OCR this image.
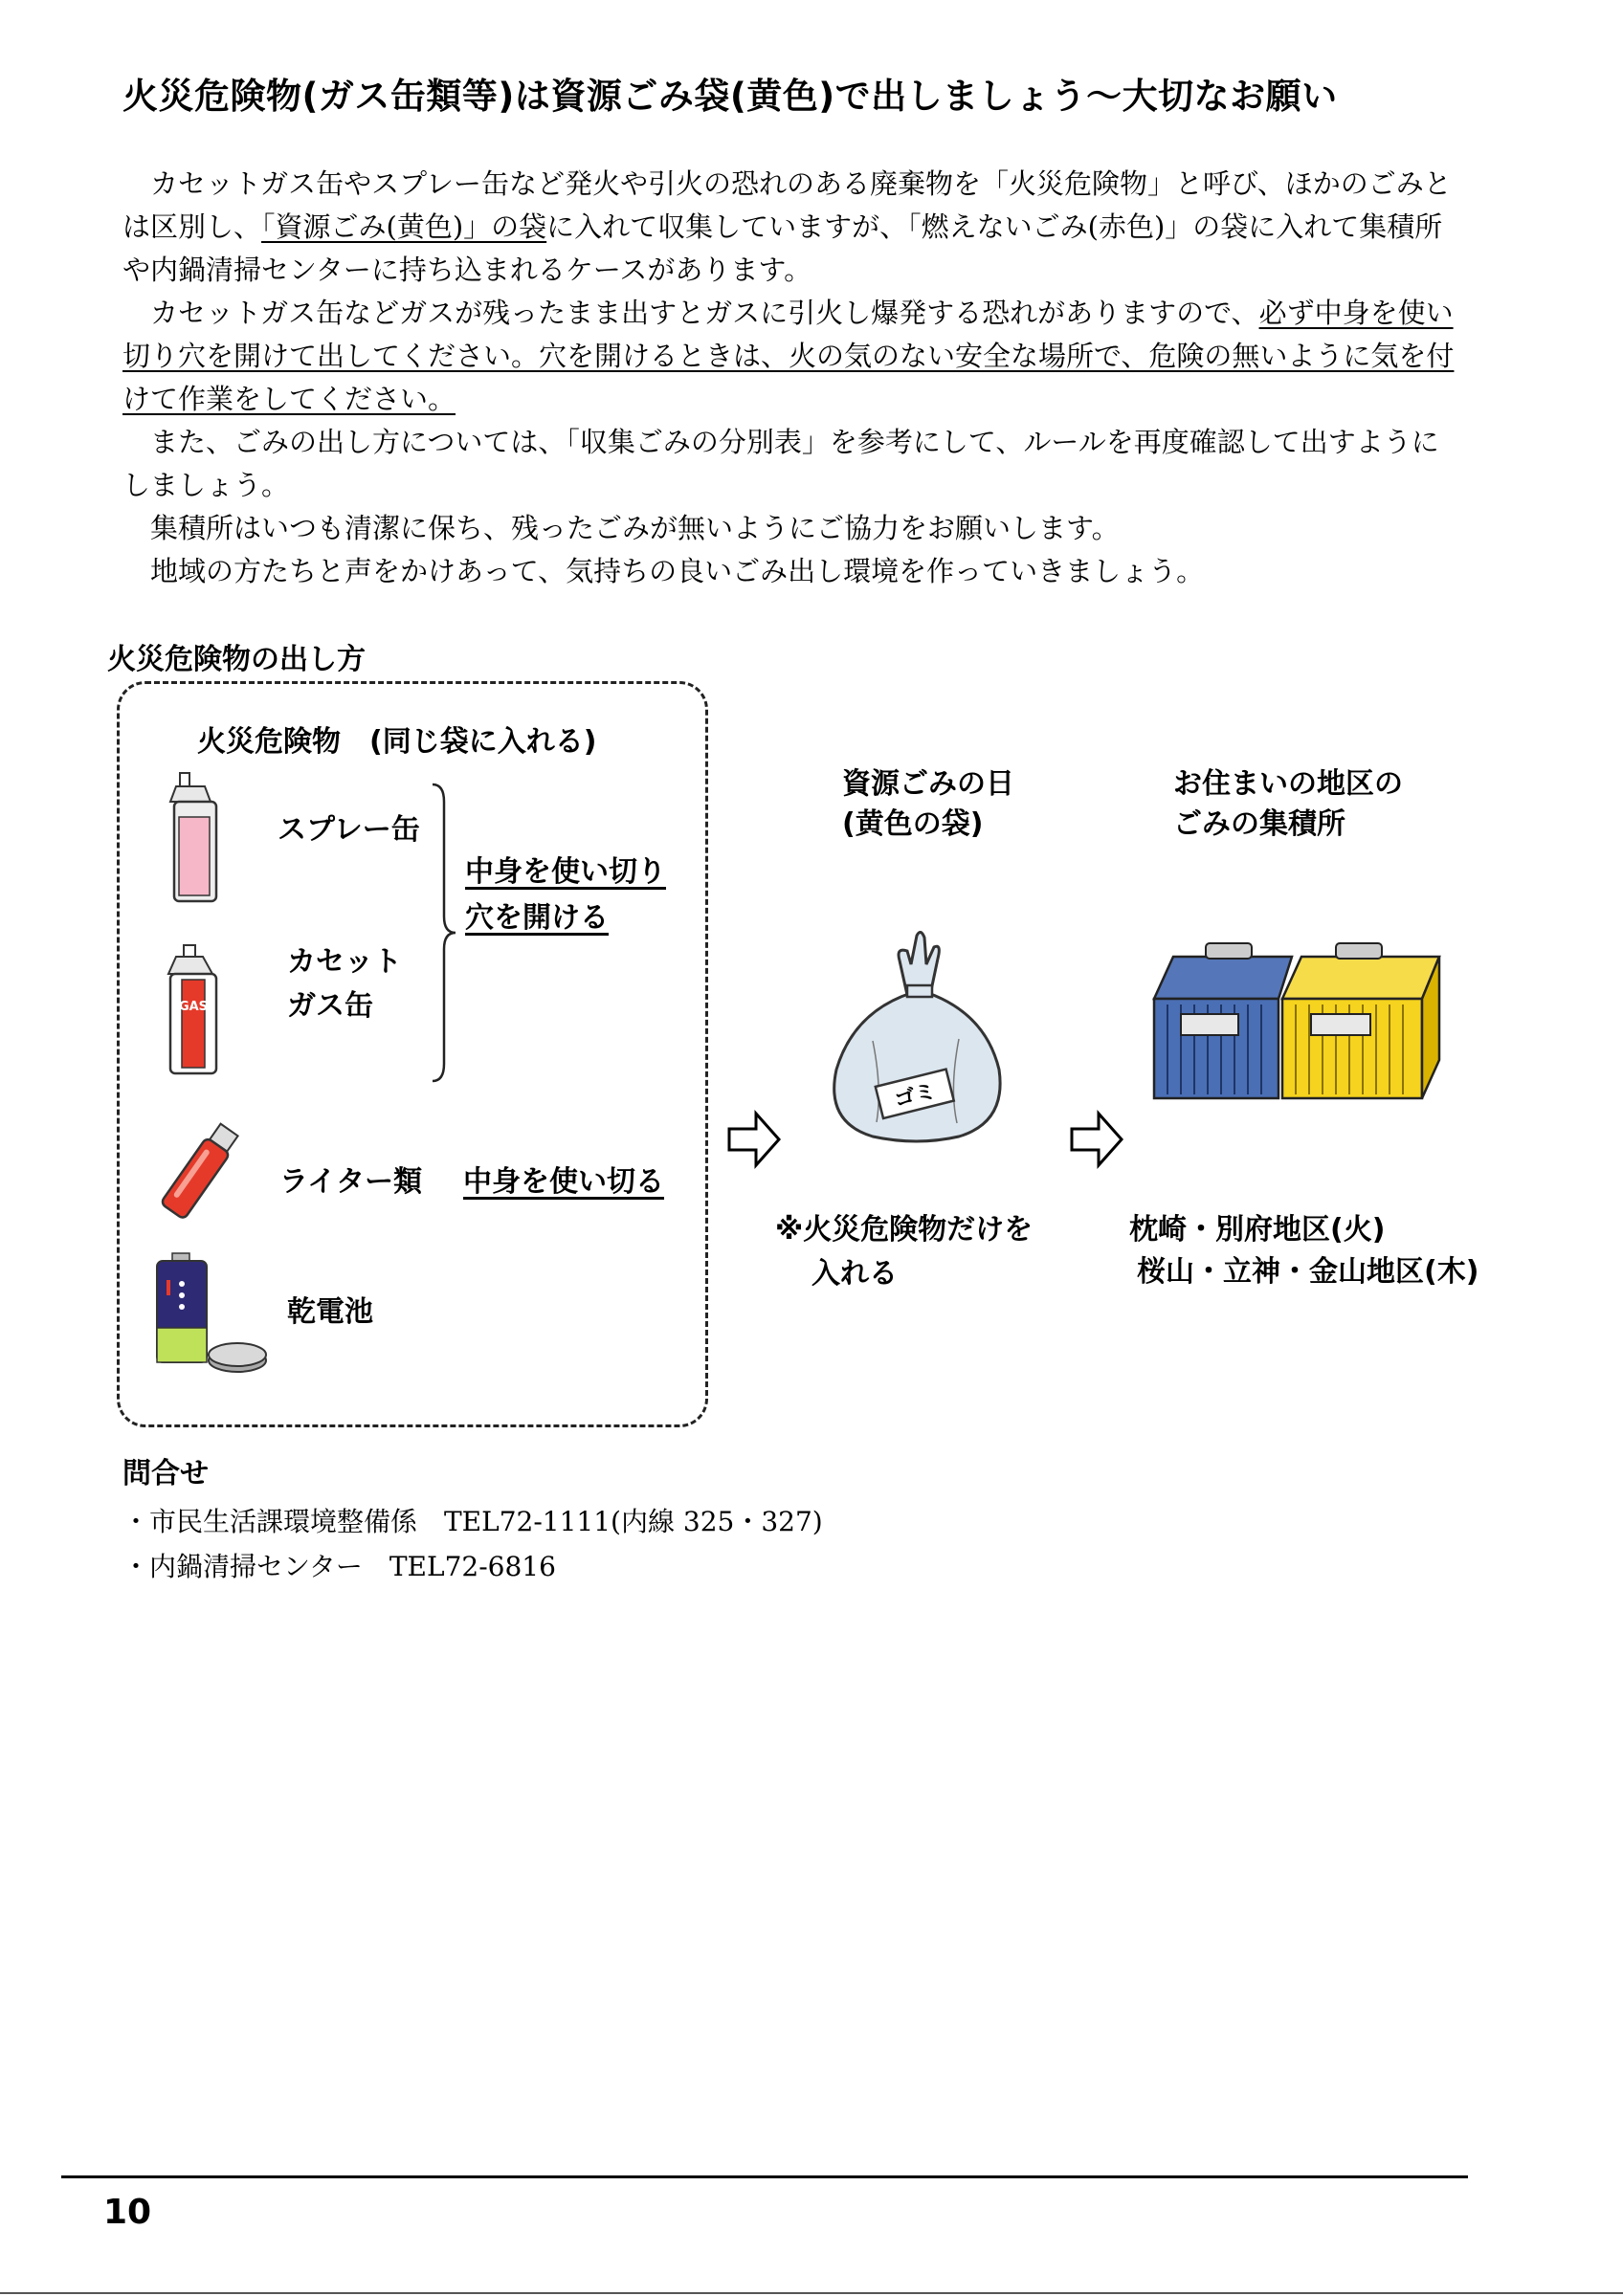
火災危険物(ガス缶類等)は資源ごみ袋(黄色)で出しましょう～大切なお願い

カセットガス缶やスプレー缶など発火や引火の恐れのある廃棄物を「火災危険物」と呼び、ほかのごみとは区別し、「資源ごみ(黄色)」の袋に入れて収集していますが、「燃えないごみ(赤色)」の袋に入れて集積所や内鍋清掃センターに持ち込まれるケースがあります。

カセットガス缶などガスが残ったまま出すとガスに引火し爆発する恐れがありますので、必ず中身を使い切り穴を開けて出してください。穴を開けるときは、火の気のない安全な場所で、危険の無いように気を付けて作業をしてください。

また、ごみの出し方については、「収集ごみの分別表」を参考にして、ルールを再度確認して出すようにしましょう。

集積所はいつも清潔に保ち、残ったごみが無いようにご協力をお願いします。

地域の方たちと声をかけあって、気持ちの良いごみ出し環境を作っていきましょう。

火災危険物の出し方
火災危険物　(同じ袋に入れる)
スプレー缶
GAS
カセット
ガス缶
中身を使い切り
穴を開ける
ライター類 中身を使い切る
乾電池
資源ごみの日
(黄色の袋)
ゴミ
※火災危険物だけを
入れる
お住まいの地区の
ごみの集積所
枕崎・別府地区(火)
桜山・立神・金山地区(木)
問合せ
・市民生活課環境整備係　TEL72-1111(内線 325・327)
・内鍋清掃センター　TEL72-6816
10
